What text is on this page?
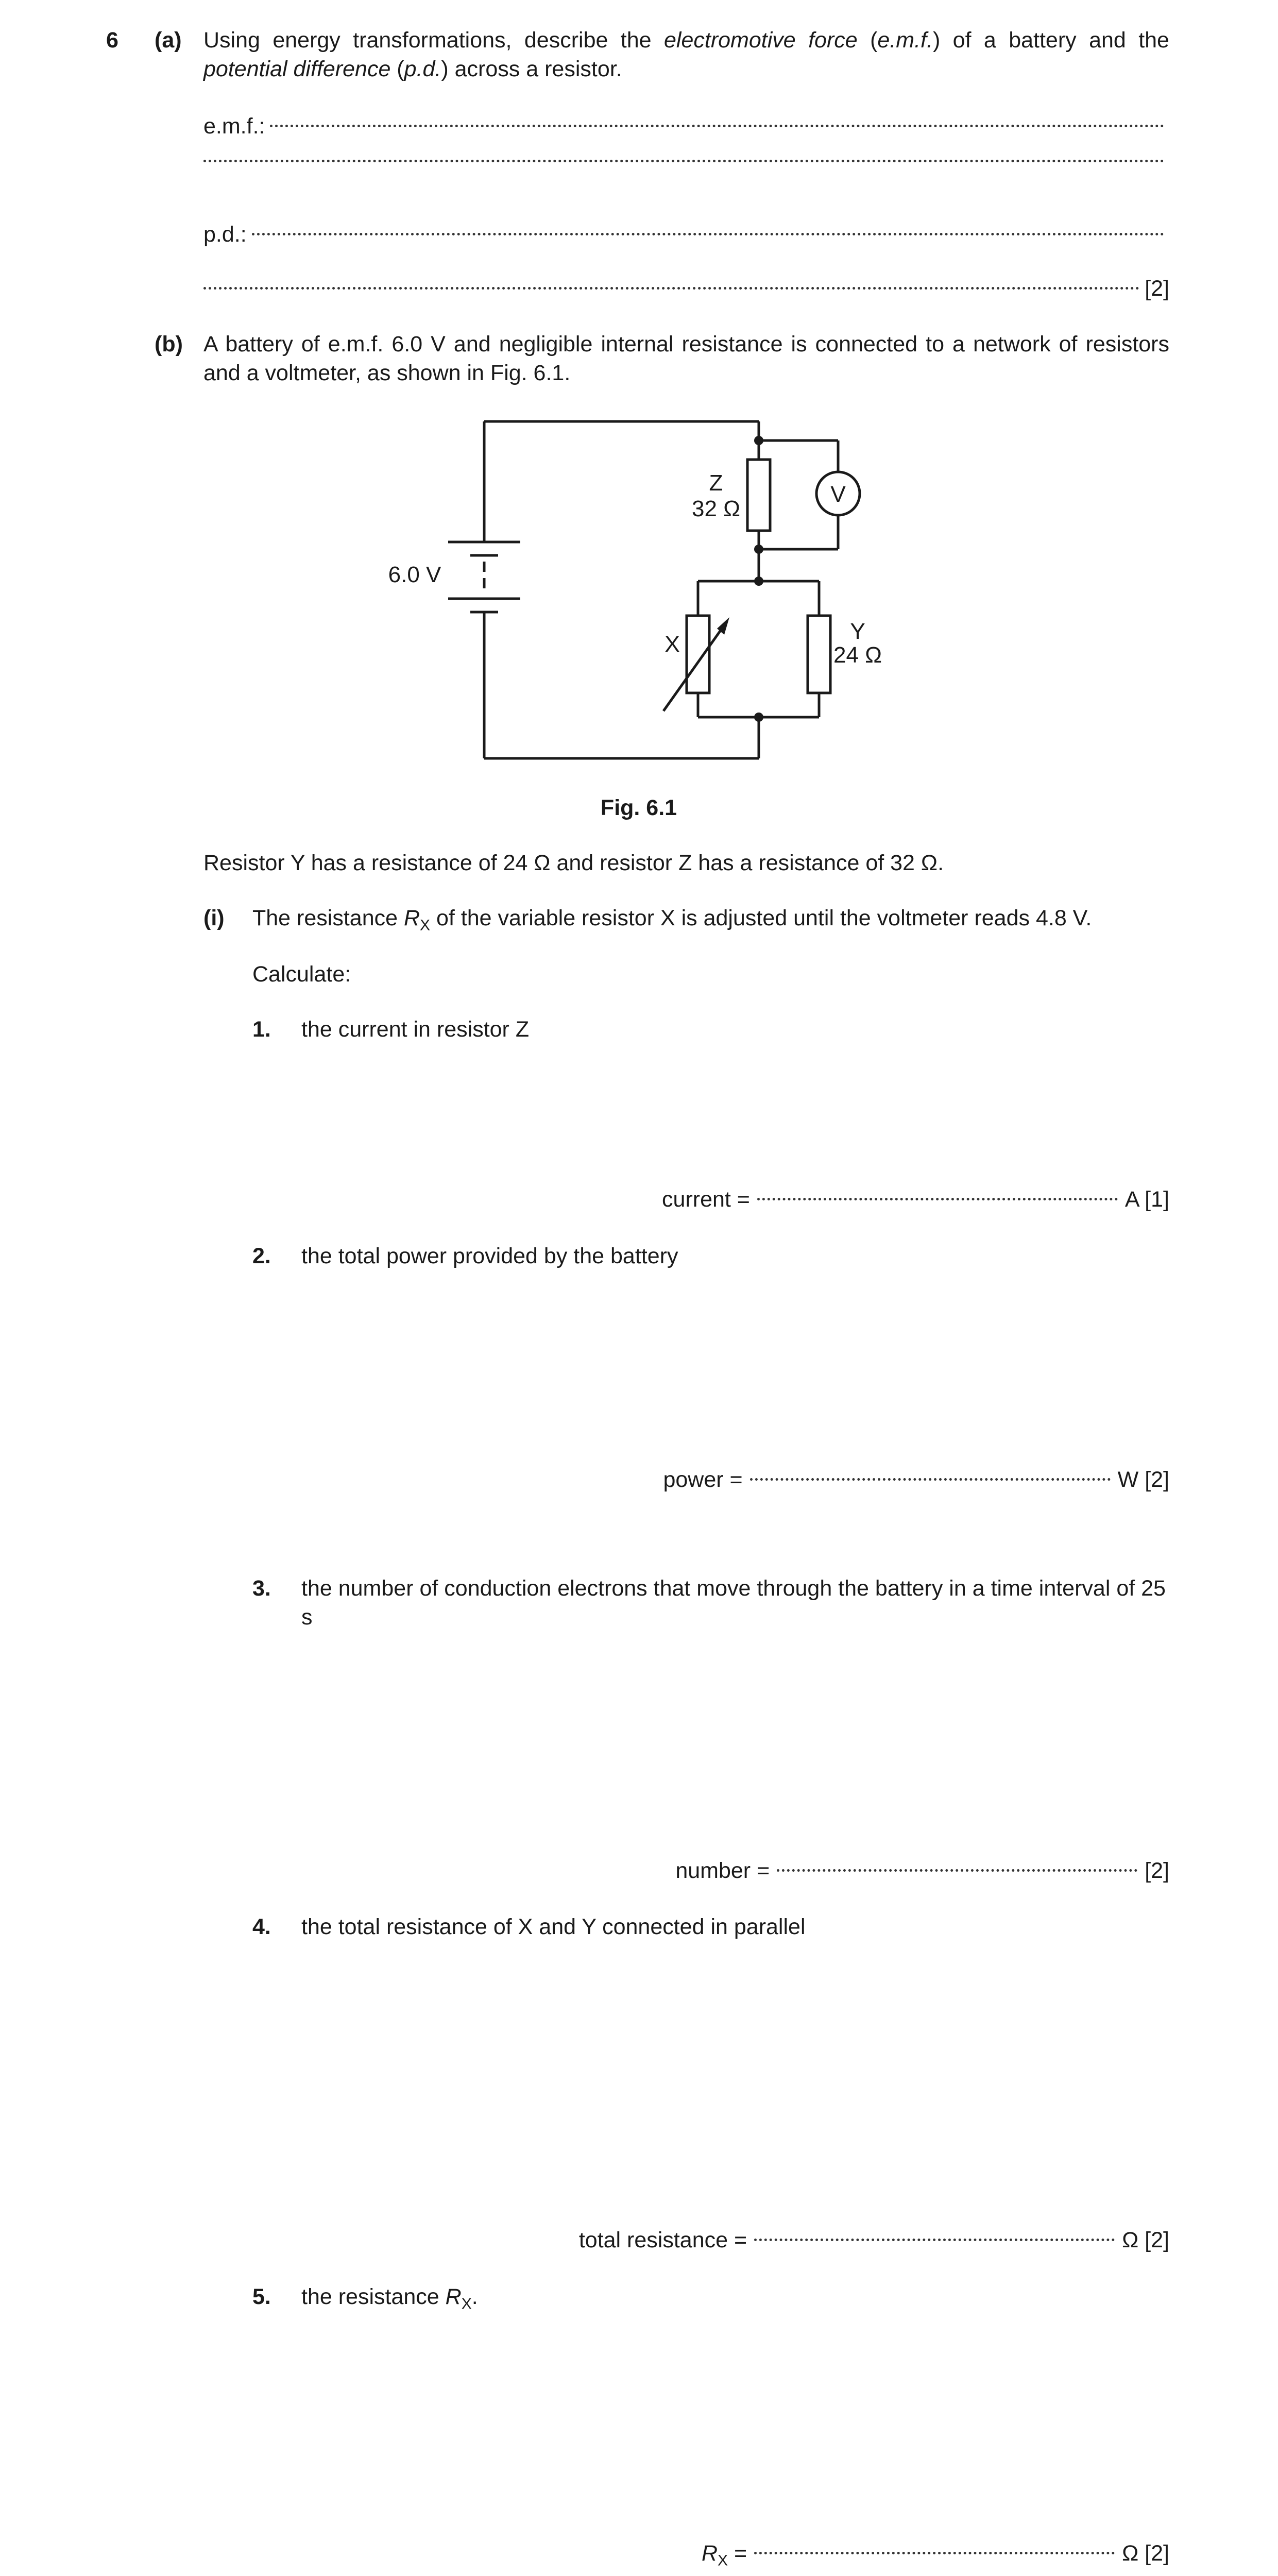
6 (a) Using energy transformations, describe the electromotive force (e.m.f.) of a battery and the potential difference (p.d.) across a resistor.
e.m.f.:
p.d.:
[2]
(b) A battery of e.m.f. 6.0 V and negligible internal resistance is connected to a network of resistors and a voltmeter, as shown in Fig. 6.1.
V
Z
32 Ω
Y
24 Ω
X
6.0 V
Fig. 6.1
Resistor Y has a resistance of 24 Ω and resistor Z has a resistance of 32 Ω.
(i) The resistance $R_X$ of the variable resistor X is adjusted until the voltmeter reads 4.8 V.
Calculate:
1. the current in resistor Z
current =	A [1]
2. the total power provided by the battery
power =	W [2]
3. the number of conduction electrons that move through the battery in a time interval of 25 s
number =	[2]
4. the total resistance of X and Y connected in parallel
total resistance =	Ω [2]
5. the resistance $R_X$.
$R_X$ =	Ω [2]
